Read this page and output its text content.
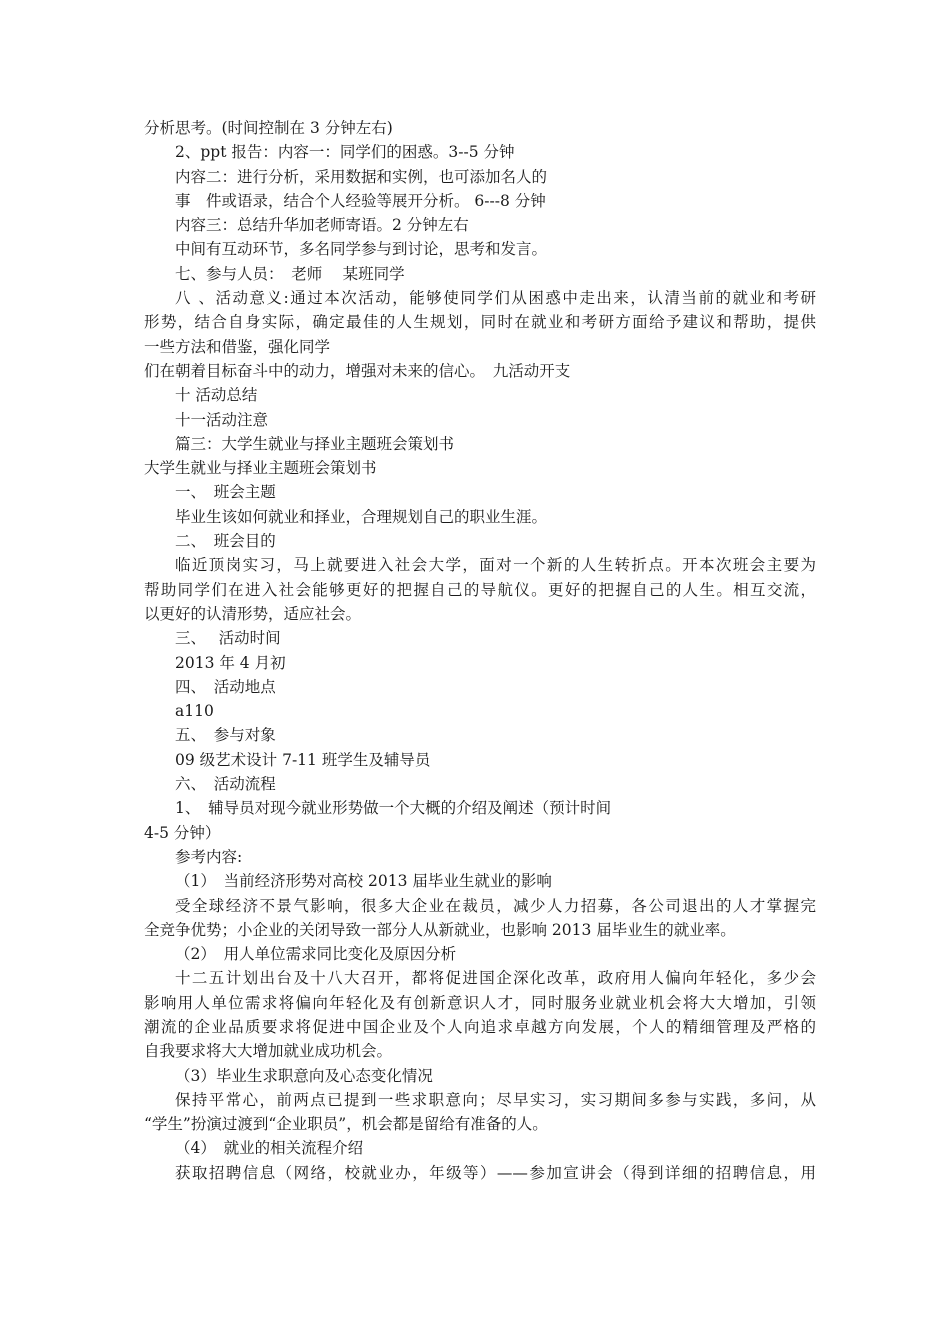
分析思考。(时间控制在 3 分钟左右)
2、ppt 报告：内容一：同学们的困惑。3--5 分钟
内容二：进行分析，采用数据和实例，也可添加名人的
事　件或语录，结合个人经验等展开分析。 6---8 分钟
内容三：总结升华加老师寄语。2 分钟左右
中间有互动环节，多名同学参与到讨论，思考和发言。
七、参与人员：　老师　 某班同学
八 、活动意义:通过本次活动，能够使同学们从困惑中走出来，认清当前的就业和考研
形势，结合自身实际，确定最佳的人生规划，同时在就业和考研方面给予建议和帮助，提供
一些方法和借鉴，强化同学
们在朝着目标奋斗中的动力，增强对未来的信心。　九活动开支
十 活动总结
十一活动注意
篇三：大学生就业与择业主题班会策划书
大学生就业与择业主题班会策划书
一、　班会主题
毕业生该如何就业和择业，合理规划自己的职业生涯。
二、　班会目的
临近顶岗实习，马上就要进入社会大学，面对一个新的人生转折点。开本次班会主要为
帮助同学们在进入社会能够更好的把握自己的导航仪。更好的把握自己的人生。相互交流，
以更好的认清形势，适应社会。
三、　 活动时间
2013 年 4 月初
四、　活动地点
a110
五、　参与对象
09 级艺术设计 7-11 班学生及辅导员
六、　活动流程
1、　辅导员对现今就业形势做一个大概的介绍及阐述（预计时间
4-5 分钟）
参考内容:
（1）　当前经济形势对高校 2013 届毕业生就业的影响
受全球经济不景气影响，很多大企业在裁员，减少人力招募，各公司退出的人才掌握完
全竞争优势；小企业的关闭导致一部分人从新就业，也影响 2013 届毕业生的就业率。
（2）　用人单位需求同比变化及原因分析
十二五计划出台及十八大召开，都将促进国企深化改革，政府用人偏向年轻化，多少会
影响用人单位需求将偏向年轻化及有创新意识人才，同时服务业就业机会将大大增加，引领
潮流的企业品质要求将促进中国企业及个人向追求卓越方向发展，个人的精细管理及严格的
自我要求将大大增加就业成功机会。
（3）毕业生求职意向及心态变化情况
保持平常心，前两点已提到一些求职意向；尽早实习，实习期间多参与实践，多问，从
“学生”扮演过渡到“企业职员”，机会都是留给有准备的人。
（4）　就业的相关流程介绍
获取招聘信息（网络，校就业办，年级等）——参加宣讲会（得到详细的招聘信息，用
